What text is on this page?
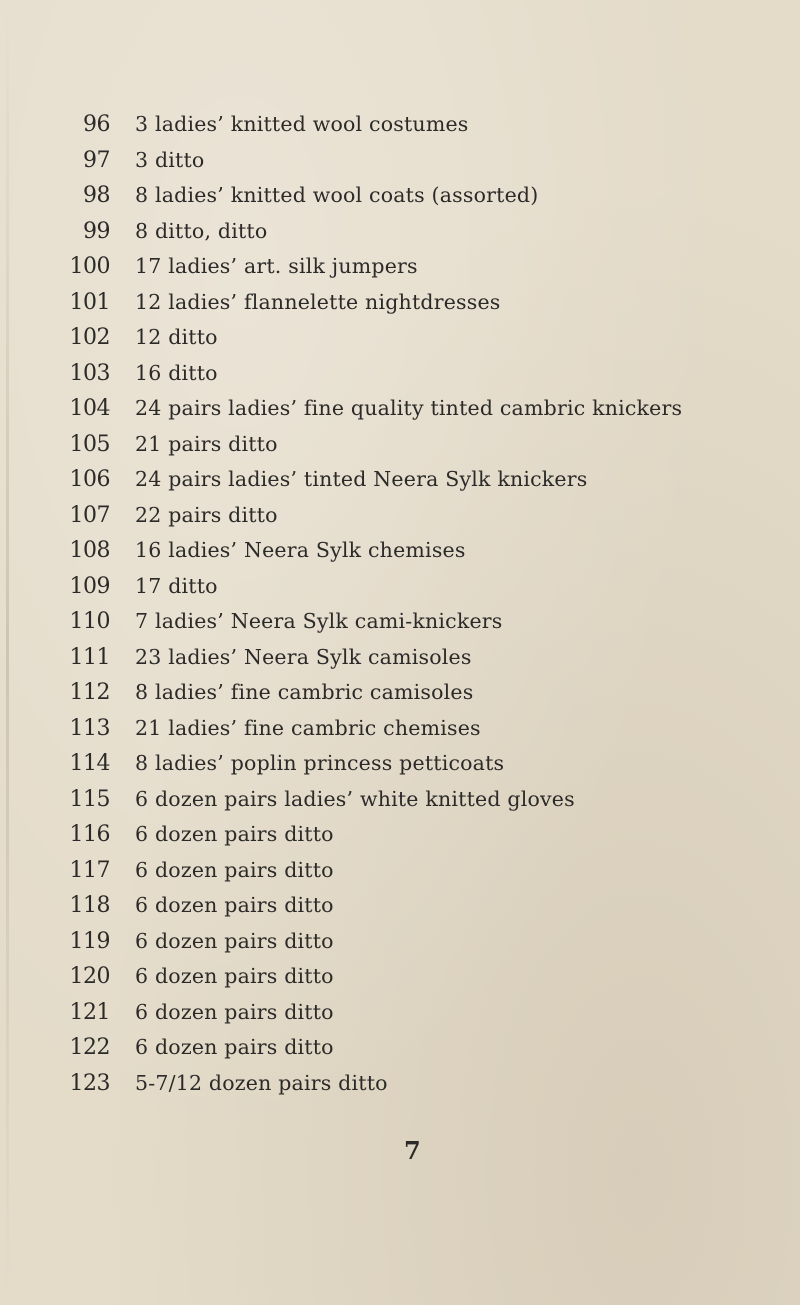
96 3 ladies’ knitted wool costumes
97 3 ditto
98 8 ladies’ knitted wool coats (assorted)
99 8 ditto, ditto
100 17 ladies’ art. silk jumpers
101 12 ladies’ flannelette nightdresses
102 12 ditto
103 16 ditto
104 24 pairs ladies’ fine quality tinted cambric knickers
105 21 pairs ditto
106 24 pairs ladies’ tinted Neera Sylk knickers
107 22 pairs ditto
108 16 ladies’ Neera Sylk chemises
109 17 ditto
110 7 ladies’ Neera Sylk cami-knickers
111 23 ladies’ Neera Sylk camisoles
112 8 ladies’ fine cambric camisoles
113 21 ladies’ fine cambric chemises
114 8 ladies’ poplin princess petticoats
115 6 dozen pairs ladies’ white knitted gloves
116 6 dozen pairs ditto
117 6 dozen pairs ditto
118 6 dozen pairs ditto
119 6 dozen pairs ditto
120 6 dozen pairs ditto
121 6 dozen pairs ditto
122 6 dozen pairs ditto
123 5-7/12 dozen pairs ditto
7
